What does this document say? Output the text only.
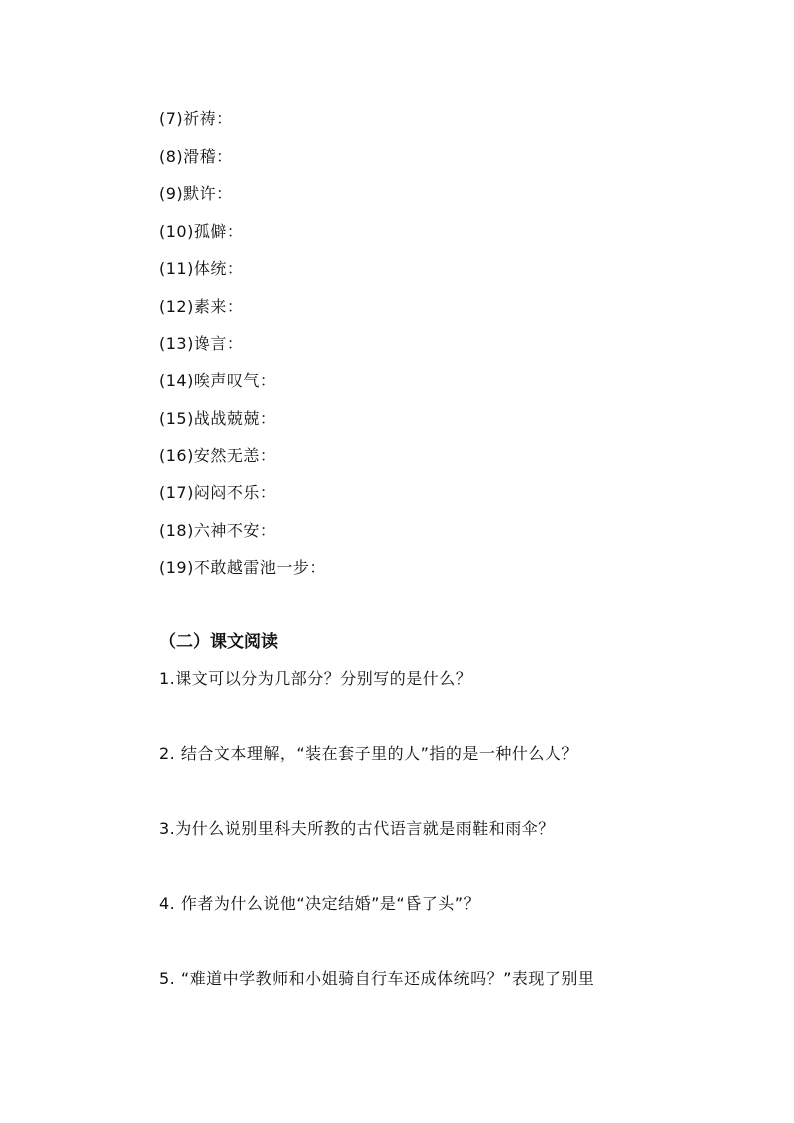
(7)祈祷：
(8)滑稽：
(9)默许：
(10)孤僻：
(11)体统：
(12)素来：
(13)谗言：
(14)唉声叹气：
(15)战战兢兢：
(16)安然无恙：
(17)闷闷不乐：
(18)六神不安：
(19)不敢越雷池一步：
（二）课文阅读
1.课文可以分为几部分？分别写的是什么？
2. 结合文本理解，“装在套子里的人”指的是一种什么人？
3.为什么说别里科夫所教的古代语言就是雨鞋和雨伞？
4. 作者为什么说他“决定结婚”是“昏了头”？
5. “难道中学教师和小姐骑自行车还成体统吗？”表现了别里
